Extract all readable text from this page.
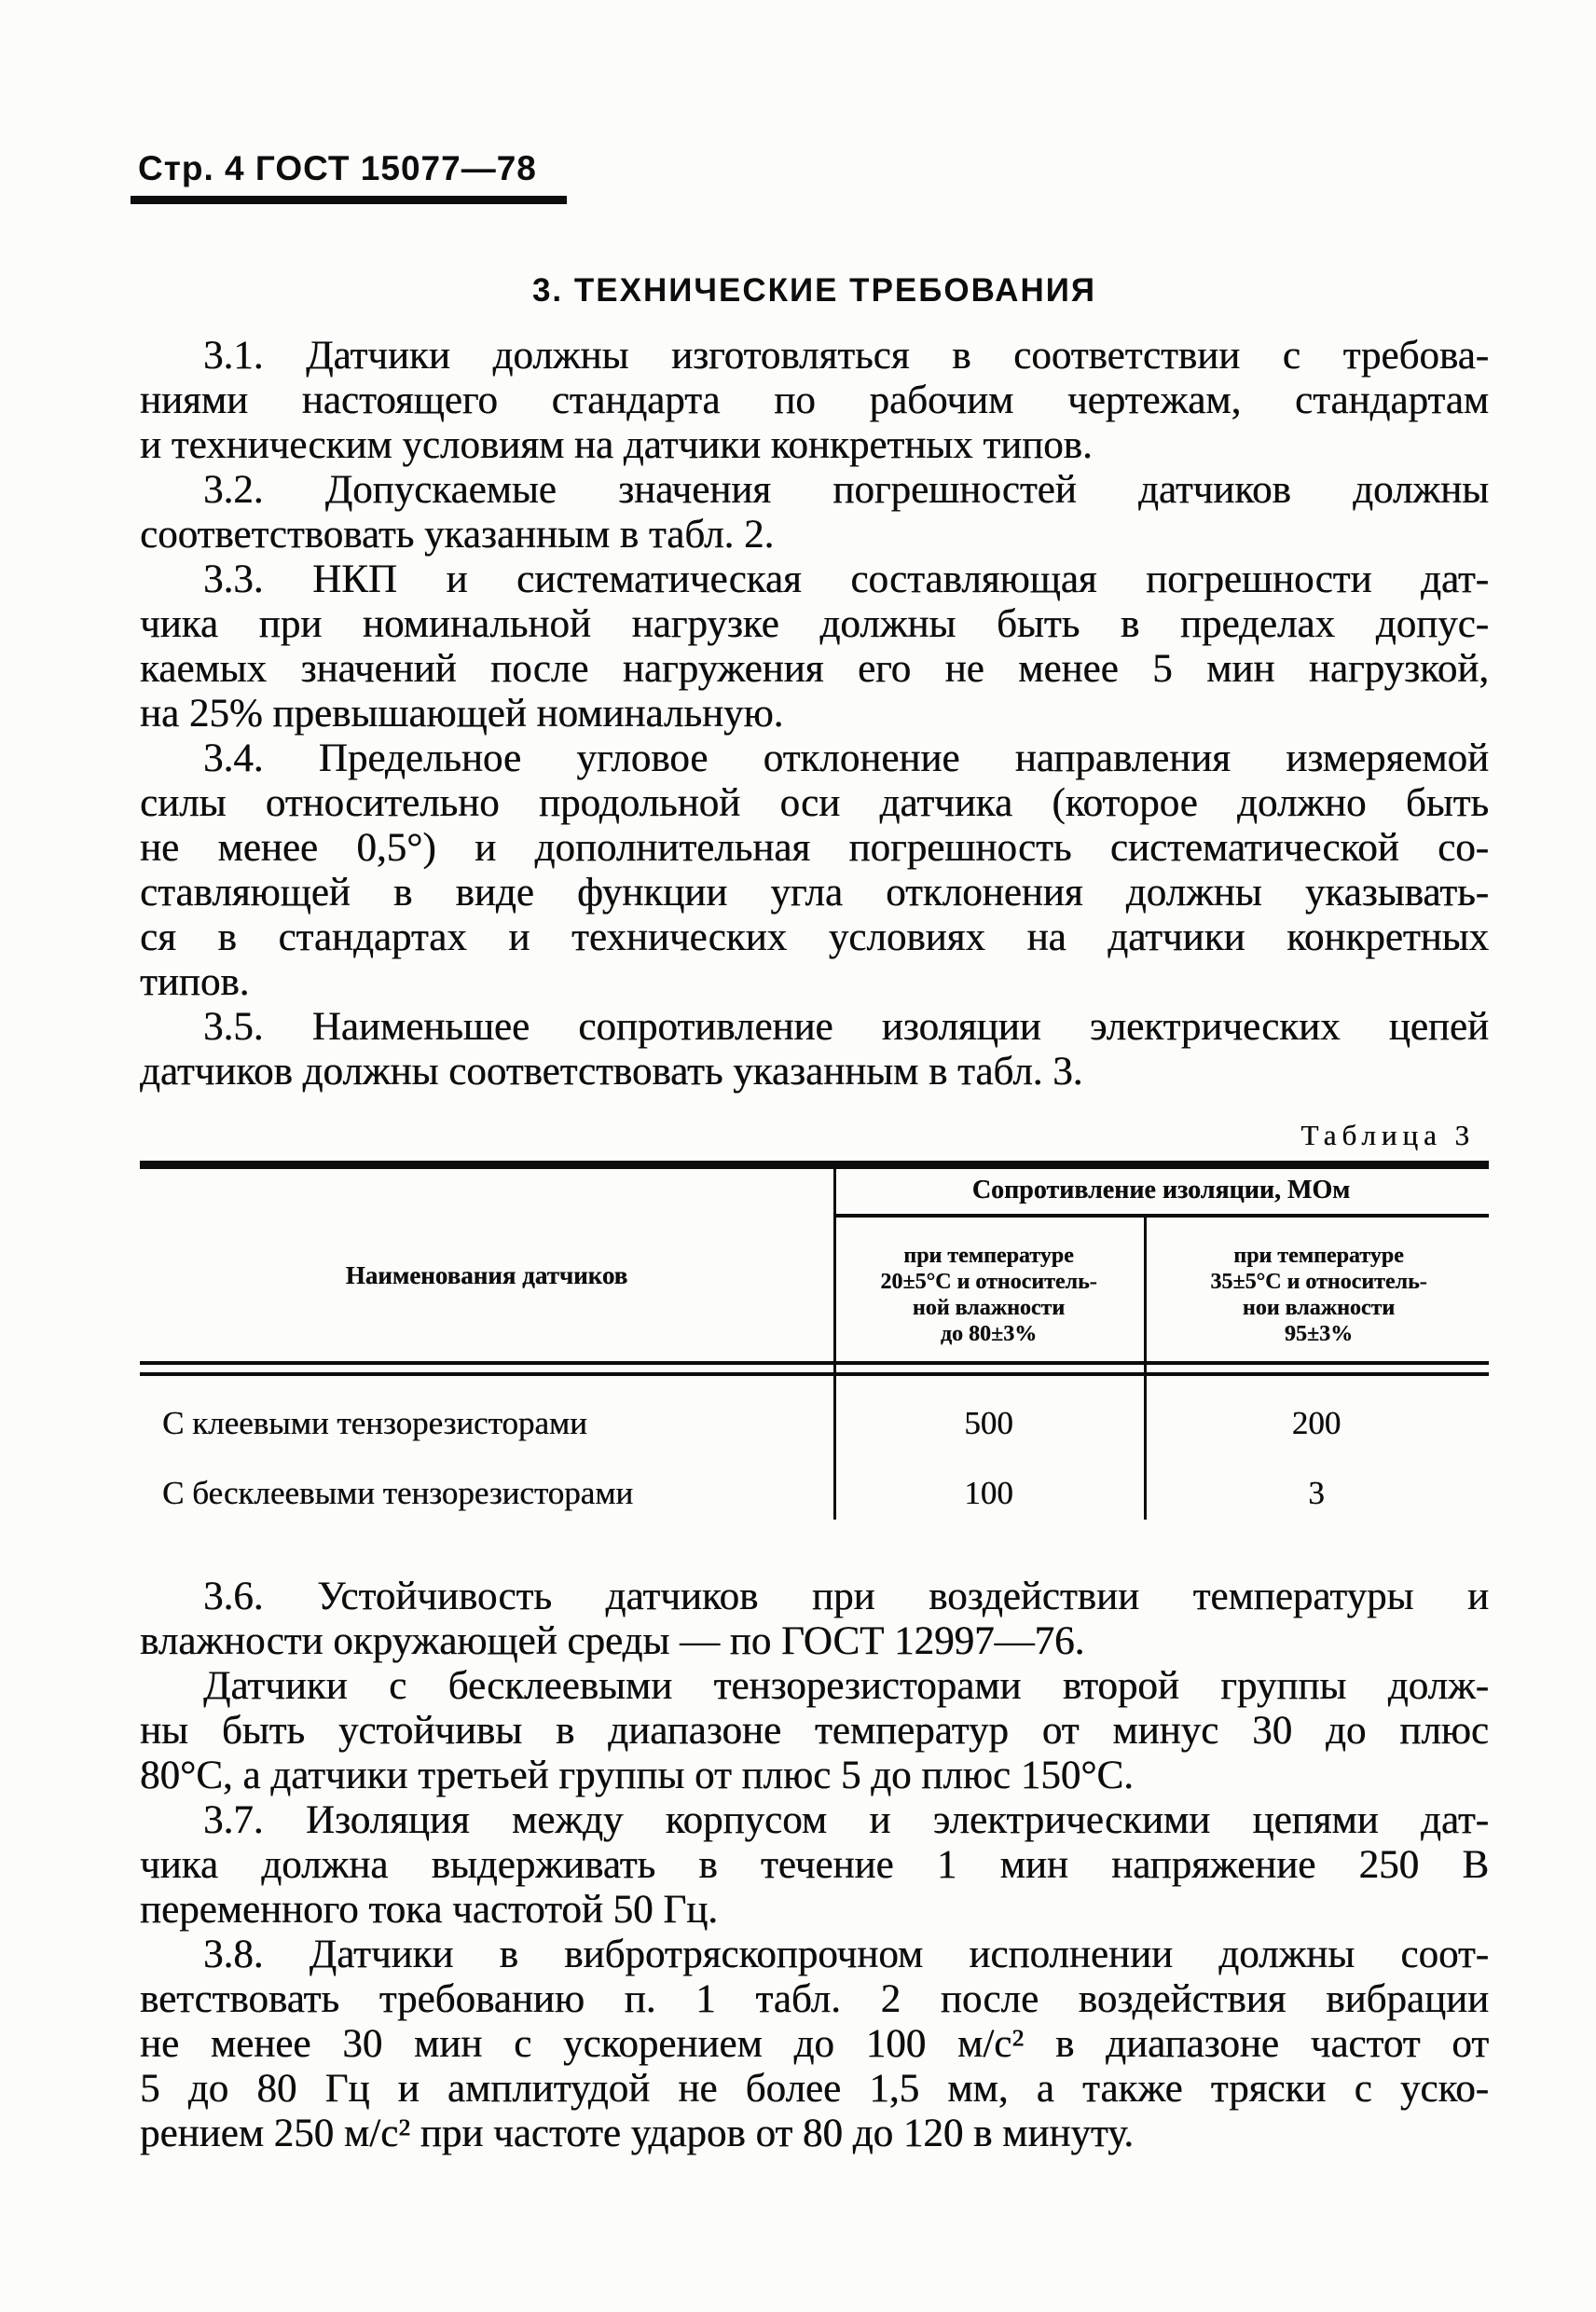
Стр. 4 ГОСТ 15077—78
3. ТЕХНИЧЕСКИЕ ТРЕБОВАНИЯ
3.1. Датчики должны изготовляться в соответствии с требова-
ниями настоящего стандарта по рабочим чертежам, стандартам
и техническим условиям на датчики конкретных типов.
3.2. Допускаемые значения погрешностей датчиков должны
соответствовать указанным в табл. 2.
3.3. НКП и систематическая составляющая погрешности дат-
чика при номинальной нагрузке должны быть в пределах допус-
каемых значений после нагружения его не менее 5 мин нагрузкой,
на 25% превышающей номинальную.
3.4. Предельное угловое отклонение направления измеряемой
силы относительно продольной оси датчика (которое должно быть
не менее 0,5°) и дополнительная погрешность систематической со-
ставляющей в виде функции угла отклонения должны указывать-
ся в стандартах и технических условиях на датчики конкретных
типов.
3.5. Наименьшее сопротивление изоляции электрических цепей
датчиков должны соответствовать указанным в табл. 3.
Таблица 3
Наименования датчиков
Сопротивление изоляции, МОм
при температуре
20±5°С и относитель-
ной влажности
до 80±3%
при температуре
35±5°С и относитель-
нои влажности
95±3%
С клеевыми тензорезисторами	500	200
С бесклеевыми тензорезисторами	100	3
3.6. Устойчивость датчиков при воздействии температуры и
влажности окружающей среды — по ГОСТ 12997—76.
Датчики с бесклеевыми тензорезисторами второй группы долж-
ны быть устойчивы в диапазоне температур от минус 30 до плюс
80°С, а датчики третьей группы от плюс 5 до плюс 150°С.
3.7. Изоляция между корпусом и электрическими цепями дат-
чика должна выдерживать в течение 1 мин напряжение 250 В
переменного тока частотой 50 Гц.
3.8. Датчики в вибротряскопрочном исполнении должны соот-
ветствовать требованию п. 1 табл. 2 после воздействия вибрации
не менее 30 мин с ускорением до 100 м/с² в диапазоне частот от
5 до 80 Гц и амплитудой не более 1,5 мм, а также тряски с уско-
рением 250 м/с² при частоте ударов от 80 до 120 в минуту.
